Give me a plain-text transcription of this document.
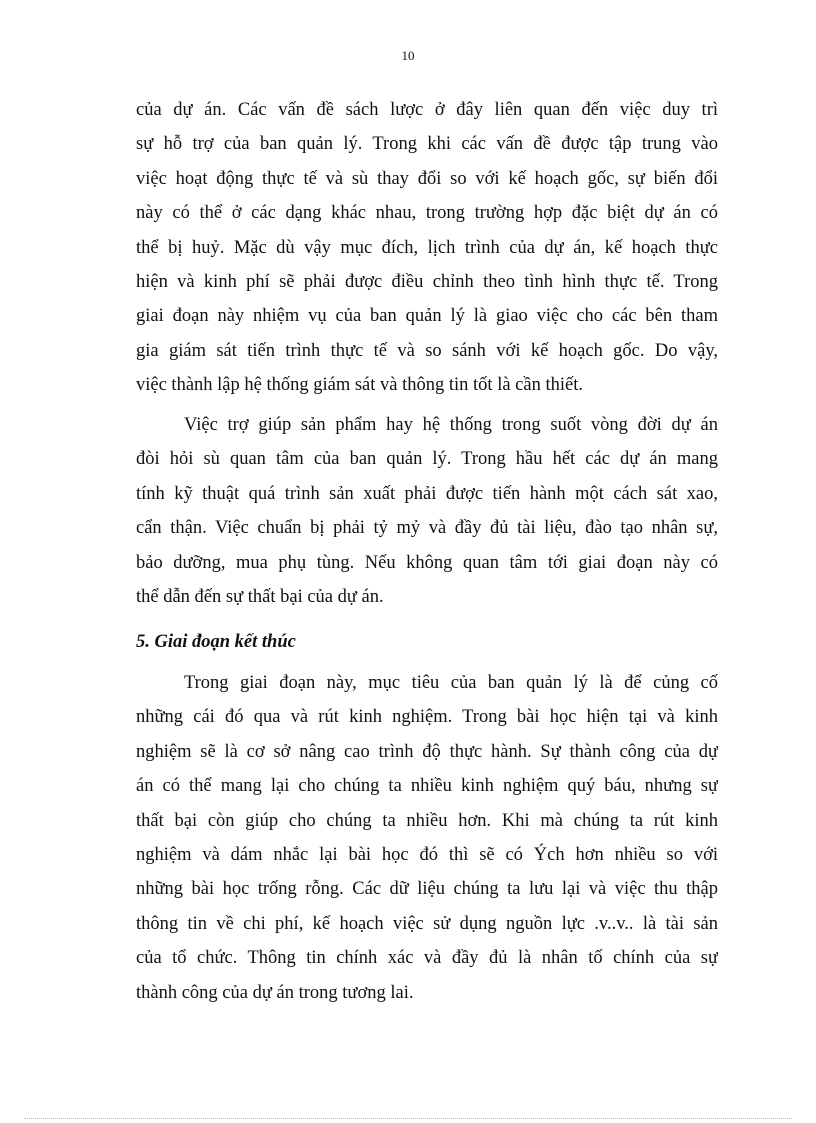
10
của dự án. Các vấn đề sách lược ở đây liên quan đến việc duy trì
sự hỗ trợ của ban quản lý. Trong khi các vấn đề được tập trung vào
việc hoạt động thực tế và sù thay đổi so với kế hoạch gốc, sự biến đổi
này có thể ở các dạng khác nhau, trong trường hợp đặc biệt dự án có
thể bị huỷ. Mặc dù vậy mục đích, lịch trình của dự án, kế hoạch thực
hiện và kinh phí sẽ phải được điều chỉnh theo tình hình thực tế. Trong
giai đoạn này nhiệm vụ của ban quản lý là giao việc cho các bên tham
gia giám sát tiến trình thực tế và so sánh với kế hoạch gốc. Do vậy,
việc thành lập hệ thống giám sát và thông tin tốt là cần thiết.
Việc trợ giúp sản phẩm hay hệ thống trong suốt vòng đời dự án
đòi hỏi sù quan tâm của ban quản lý. Trong hầu hết các dự án mang
tính kỹ thuật quá trình sản xuất phải được tiến hành một cách sát xao,
cẩn thận. Việc chuẩn bị phải tỷ mỷ và đầy đủ tài liệu, đào tạo nhân sự,
bảo dưỡng, mua phụ tùng. Nếu không quan tâm tới giai đoạn này có
thể dẫn đến sự thất bại của dự án.
5. Giai đoạn kết thúc
Trong giai đoạn này, mục tiêu của ban quản lý là để củng cố
những cái đó qua và rút kinh nghiệm. Trong bài học hiện tại và kinh
nghiệm sẽ là cơ sở nâng cao trình độ thực hành. Sự thành công của dự
án có thể mang lại cho chúng ta nhiều kinh nghiệm quý báu, nhưng sự
thất bại còn giúp cho chúng ta nhiều hơn. Khi mà chúng ta rút kinh
nghiệm và dám nhắc lại bài học đó thì sẽ có Ých hơn nhiều so với
những bài học trống rỗng. Các dữ liệu chúng ta lưu lại và việc thu thập
thông tin về chi phí, kế hoạch việc sử dụng nguồn lực .v..v.. là tài sản
của tổ chức. Thông tin chính xác và đầy đủ là nhân tố chính của sự
thành công của dự án trong tương lai.
